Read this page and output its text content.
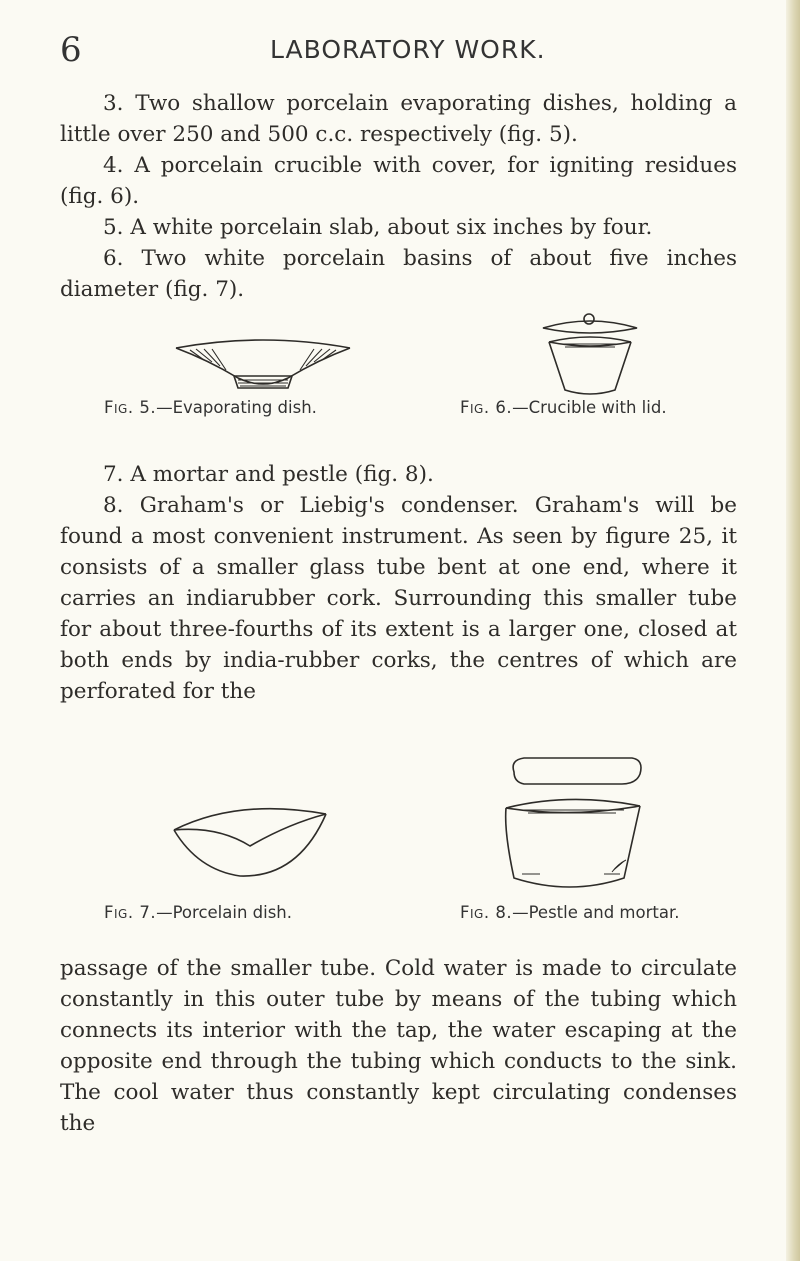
6	LABORATORY WORK.

3. Two shallow porcelain evaporating dishes, holding a little over 250 and 500 c.c. respectively (fig. 5).

4. A porcelain crucible with cover, for igniting residues (fig. 6).

5. A white porcelain slab, about six inches by four.

6. Two white porcelain basins of about five inches diameter (fig. 7).

Fig. 5.—Evaporating dish.	Fig. 6.—Crucible with lid.

7. A mortar and pestle (fig. 8).

8. Graham's or Liebig's condenser. Graham's will be found a most convenient instrument. As seen by figure 25, it consists of a smaller glass tube bent at one end, where it carries an indiarubber cork. Surrounding this smaller tube for about three-fourths of its extent is a larger one, closed at both ends by india-rubber corks, the centres of which are perforated for the

Fig. 7.—Porcelain dish.	Fig. 8.—Pestle and mortar.

passage of the smaller tube. Cold water is made to circulate constantly in this outer tube by means of the tubing which connects its interior with the tap, the water escaping at the opposite end through the tubing which conducts to the sink. The cool water thus constantly kept circulating condenses the
